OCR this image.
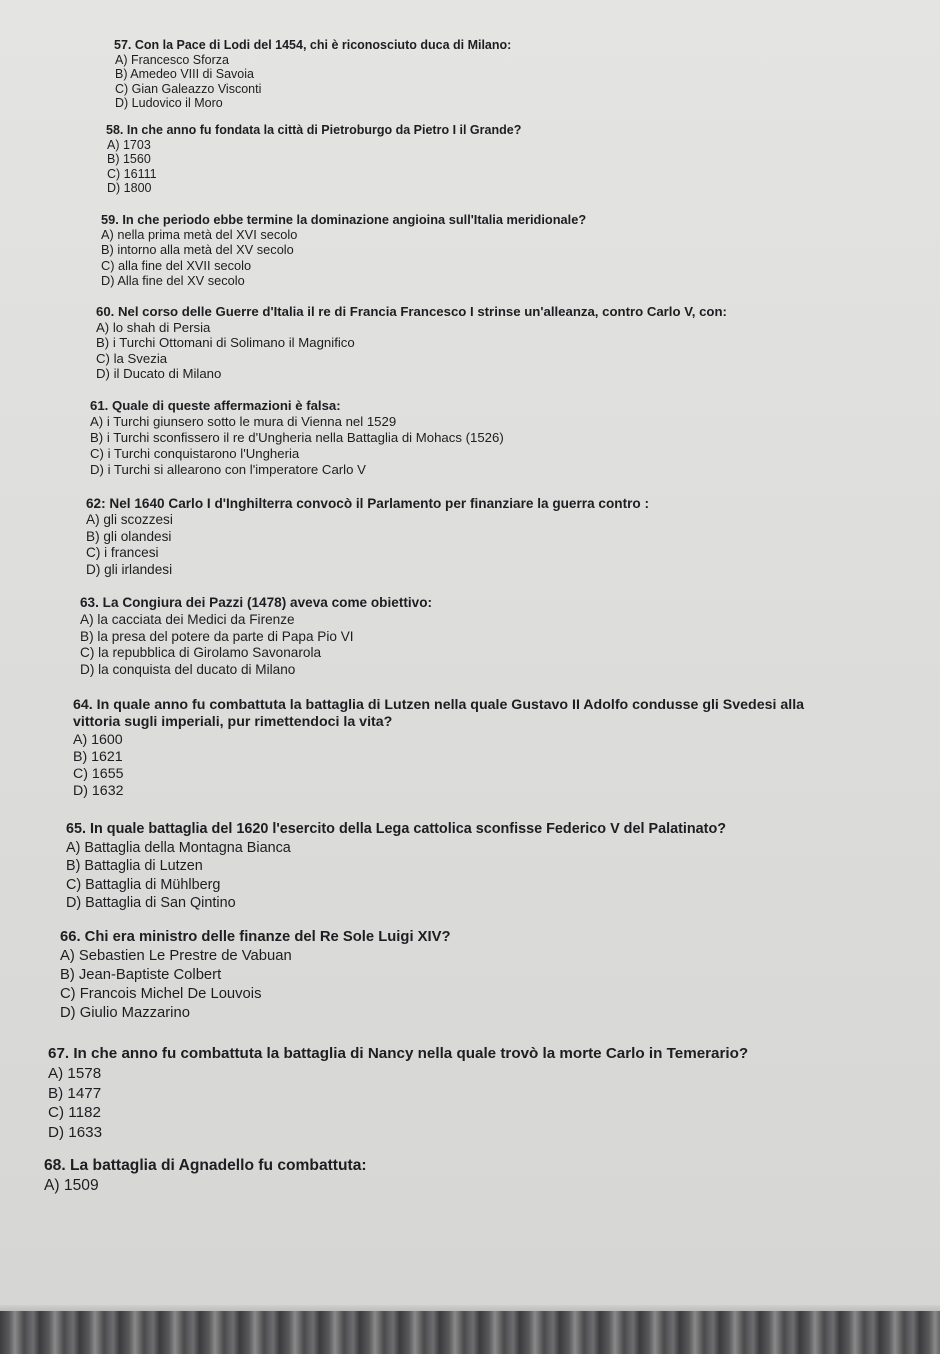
57. Con la Pace di Lodi del 1454, chi è riconosciuto duca di Milano:
A) Francesco Sforza
B) Amedeo VIII di Savoia
C) Gian Galeazzo Visconti
D) Ludovico il Moro
58. In che anno fu fondata la città di Pietroburgo da Pietro I il Grande?
A) 1703
B) 1560
C) 16111
D) 1800
59. In che periodo ebbe termine la dominazione angioina sull'Italia meridionale?
A) nella prima metà del XVI secolo
B) intorno alla metà del XV secolo
C) alla fine del XVII secolo
D) Alla fine del XV secolo
60. Nel corso delle Guerre d'Italia il re di Francia Francesco I strinse un'alleanza, contro Carlo V, con:
A) lo shah di Persia
B) i Turchi Ottomani di Solimano il Magnifico
C) la Svezia
D) il Ducato di Milano
61. Quale di queste affermazioni è falsa:
A) i Turchi giunsero sotto le mura di Vienna nel 1529
B) i Turchi sconfissero il re d'Ungheria nella Battaglia di Mohacs (1526)
C) i Turchi conquistarono l'Ungheria
D) i Turchi si allearono con l'imperatore Carlo V
62: Nel 1640 Carlo I d'Inghilterra convocò il Parlamento per finanziare la guerra contro :
A) gli scozzesi
B) gli olandesi
C) i francesi
D) gli irlandesi
63. La Congiura dei Pazzi (1478) aveva come obiettivo:
A) la cacciata dei Medici da Firenze
B) la presa del potere da parte di Papa Pio VI
C) la repubblica di Girolamo Savonarola
D) la conquista del ducato di Milano
64. In quale anno fu combattuta la battaglia di Lutzen nella quale Gustavo II Adolfo condusse gli Svedesi alla
vittoria sugli imperiali, pur rimettendoci la vita?
A) 1600
B) 1621
C) 1655
D) 1632
65. In quale battaglia del 1620 l'esercito della Lega cattolica sconfisse Federico V del Palatinato?
A) Battaglia della Montagna Bianca
B) Battaglia di Lutzen
C) Battaglia di Mühlberg
D) Battaglia di San Qintino
66. Chi era ministro delle finanze del Re Sole Luigi XIV?
A) Sebastien Le Prestre de Vabuan
B) Jean-Baptiste Colbert
C) Francois Michel De Louvois
D) Giulio Mazzarino
67. In che anno fu combattuta la battaglia di Nancy nella quale trovò la morte Carlo in Temerario?
A) 1578
B) 1477
C) 1182
D) 1633
68. La battaglia di Agnadello fu combattuta:
A) 1509
